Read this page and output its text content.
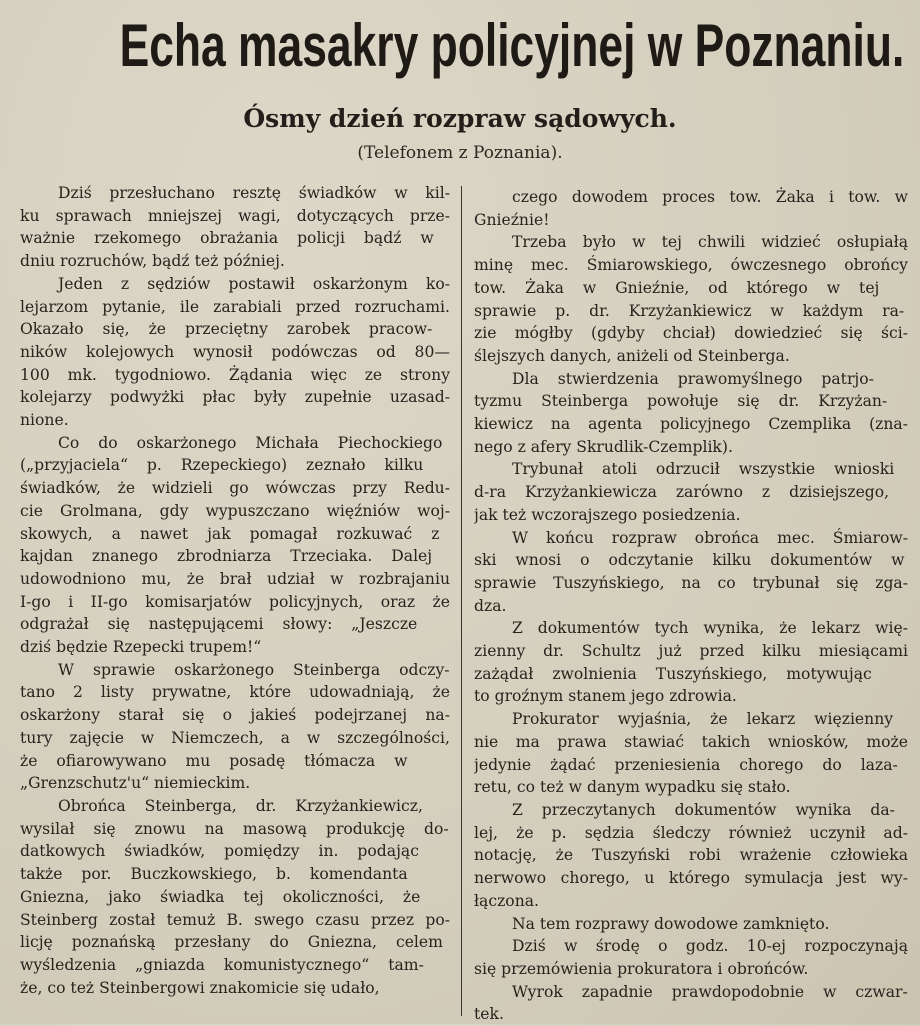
Echa masakry policyjnej w Poznaniu.
Ósmy dzień rozpraw sądowych.
(Telefonem z Poznania).

Dziś przesłuchano resztę świadków w kil-
ku sprawach mniejszej wagi, dotyczących prze-
ważnie rzekomego obrażania policji bądź w
dniu rozruchów, bądź też później.

Jeden z sędziów postawił oskarżonym ko-
lejarzom pytanie, ile zarabiali przed rozruchami.
Okazało się, że przeciętny zarobek pracow-
ników kolejowych wynosił podówczas od 80—
100 mk. tygodniowo. Żądania więc ze strony
kolejarzy podwyżki płac były zupełnie uzasad-
nione.

Co do oskarżonego Michała Piechockiego
(„przyjaciela“ p. Rzepeckiego) zeznało kilku
świadków, że widzieli go wówczas przy Redu-
cie Grolmana, gdy wypuszczano więźniów woj-
skowych, a nawet jak pomagał rozkuwać z
kajdan znanego zbrodniarza Trzeciaka. Dalej
udowodniono mu, że brał udział w rozbrajaniu
I-go i II-go komisarjatów policyjnych, oraz że
odgrażał się następującemi słowy: „Jeszcze
dziś będzie Rzepecki trupem!“

W sprawie oskarżonego Steinberga odczy-
tano 2 listy prywatne, które udowadniają, że
oskarżony starał się o jakieś podejrzanej na-
tury zajęcie w Niemczech, a w szczególności,
że ofiarowywano mu posadę tłómacza w
„Grenzschutz'u“ niemieckim.

Obrońca Steinberga, dr. Krzyżankiewicz,
wysilał się znowu na masową produkcję do-
datkowych świadków, pomiędzy in. podając
także por. Buczkowskiego, b. komendanta
Gniezna, jako świadka tej okoliczności, że
Steinberg został temuż B. swego czasu przez po-
licję poznańską przesłany do Gniezna, celem
wyśledzenia „gniazda komunistycznego“ tam-
że, co też Steinbergowi znakomicie się udało,

czego dowodem proces tow. Żaka i tow. w
Gnieźnie!

Trzeba było w tej chwili widzieć osłupiałą
minę mec. Śmiarowskiego, ówczesnego obrońcy
tow. Żaka w Gnieźnie, od którego w tej
sprawie p. dr. Krzyżankiewicz w każdym ra-
zie mógłby (gdyby chciał) dowiedzieć się ści-
ślejszych danych, aniżeli od Steinberga.

Dla stwierdzenia prawomyślnego patrjo-
tyzmu Steinberga powołuje się dr. Krzyżan-
kiewicz na agenta policyjnego Czemplika (zna-
nego z afery Skrudlik-Czemplik).

Trybunał atoli odrzucił wszystkie wnioski
d-ra Krzyżankiewicza zarówno z dzisiejszego,
jak też wczorajszego posiedzenia.

W końcu rozpraw obrońca mec. Śmiarow-
ski wnosi o odczytanie kilku dokumentów w
sprawie Tuszyńskiego, na co trybunał się zga-
dza.

Z dokumentów tych wynika, że lekarz wię-
zienny dr. Schultz już przed kilku miesiącami
zażądał zwolnienia Tuszyńskiego, motywując
to groźnym stanem jego zdrowia.

Prokurator wyjaśnia, że lekarz więzienny
nie ma prawa stawiać takich wniosków, może
jedynie żądać przeniesienia chorego do laza-
retu, co też w danym wypadku się stało.

Z przeczytanych dokumentów wynika da-
lej, że p. sędzia śledczy również uczynił ad-
notację, że Tuszyński robi wrażenie człowieka
nerwowo chorego, u którego symulacja jest wy-
łączona.

Na tem rozprawy dowodowe zamknięto.

Dziś w środę o godz. 10-ej rozpoczynają
się przemówienia prokuratora i obrońców.

Wyrok zapadnie prawdopodobnie w czwar-
tek.
